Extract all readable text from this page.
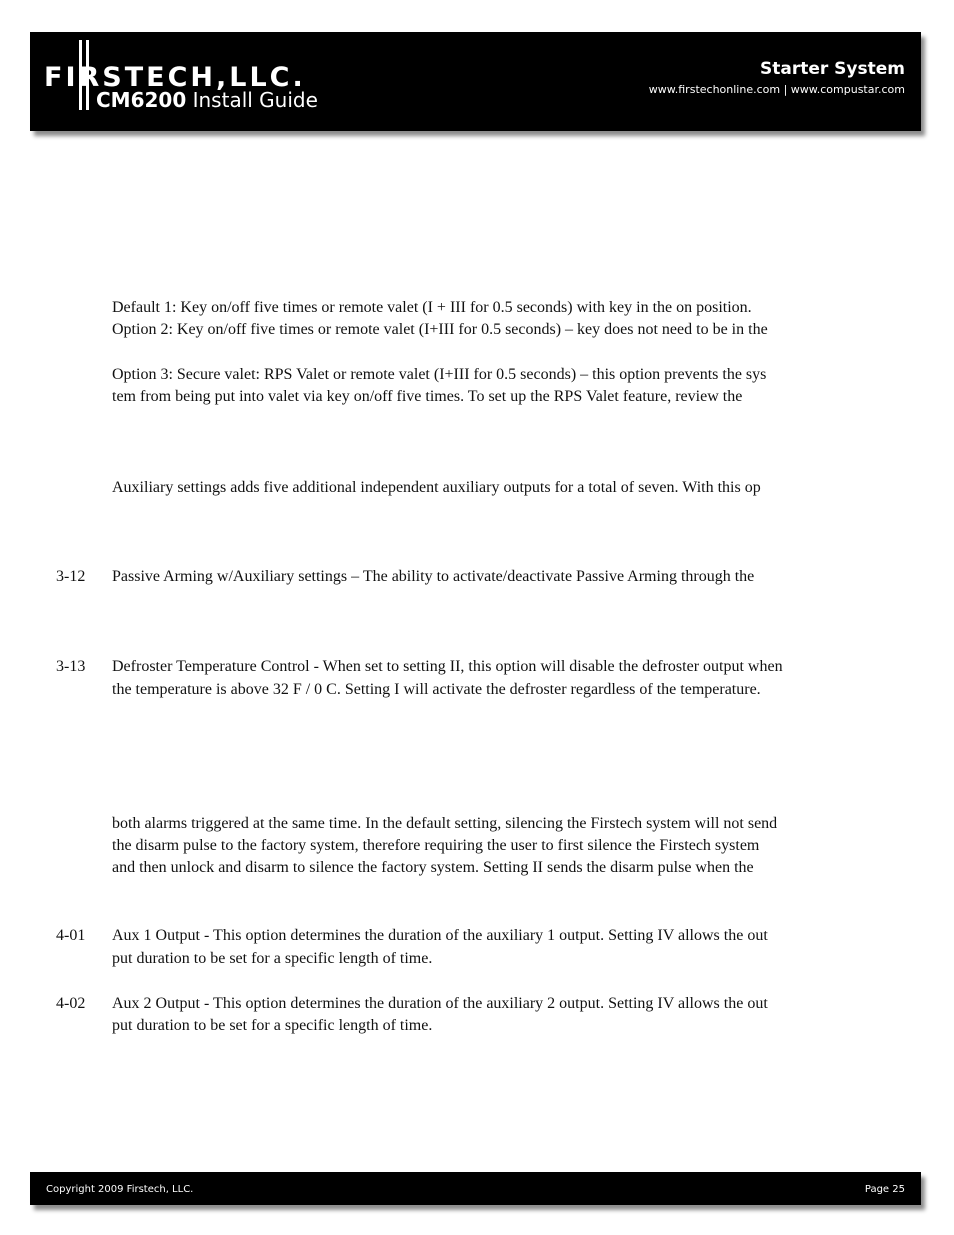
FIRSTECH,LLC.
CM6200 Install Guide
Starter System
www.firstechonline.com | www.compustar.com
Default 1: Key on/off five times or remote valet (I + III for 0.5 seconds) with key in the on position.
Option 2: Key on/off five times or remote valet (I+III for 0.5 seconds) – key does not need to be in the
Option 3: Secure valet: RPS Valet or remote valet (I+III for 0.5 seconds) – this option prevents the sys
tem from being put into valet via key on/off five times. To set up the RPS Valet feature, review the
Auxiliary settings adds five additional independent auxiliary outputs for a total of seven. With this op
3-12 Passive Arming w/Auxiliary settings – The ability to activate/deactivate Passive Arming through the
3-13 Defroster Temperature Control - When set to setting II, this option will disable the defroster output when
the temperature is above 32 F / 0 C. Setting I will activate the defroster regardless of the temperature.
both alarms triggered at the same time. In the default setting, silencing the Firstech system will not send
the disarm pulse to the factory system, therefore requiring the user to first silence the Firstech system
and then unlock and disarm to silence the factory system. Setting II sends the disarm pulse when the
4-01 Aux 1 Output - This option determines the duration of the auxiliary 1 output. Setting IV allows the out
put duration to be set for a specific length of time.
4-02 Aux 2 Output - This option determines the duration of the auxiliary 2 output. Setting IV allows the out
put duration to be set for a specific length of time.
Copyright 2009 Firstech, LLC.	Page 25
